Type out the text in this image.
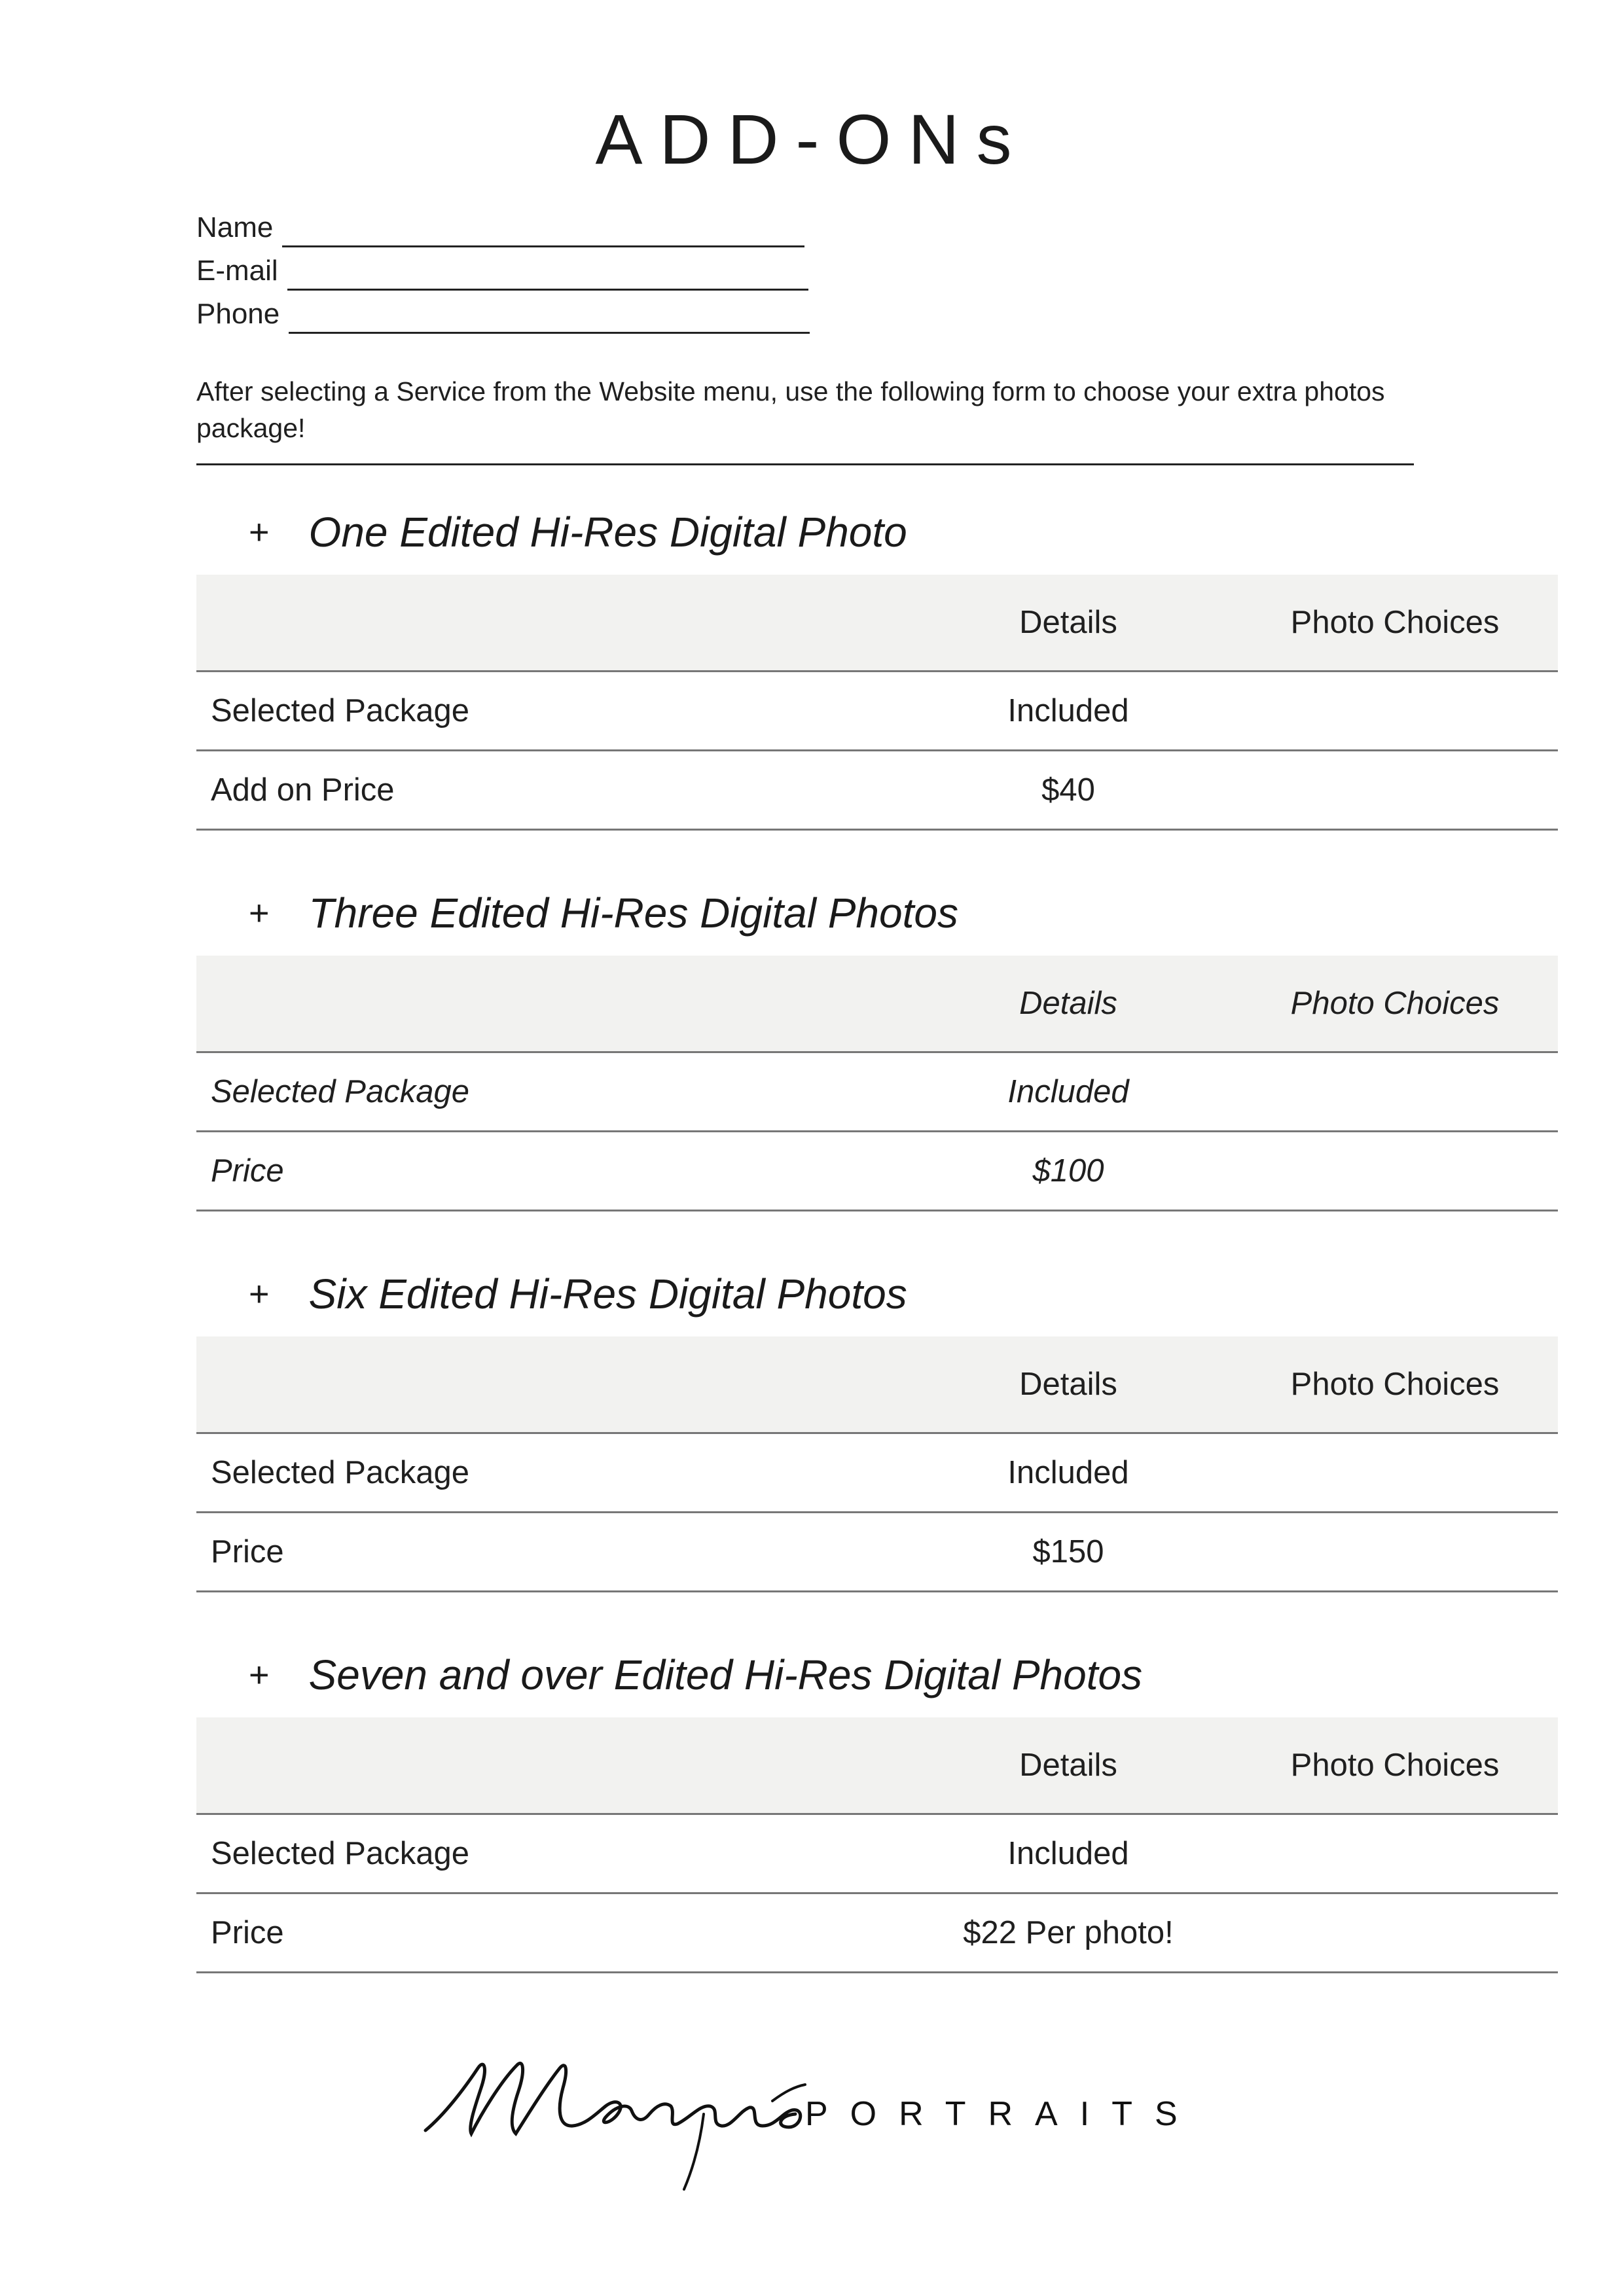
ADD-ONs
Name
E-mail
Phone
After selecting a Service from the Website menu, use the following form to choose your extra photos package!
+ One Edited Hi-Res Digital Photo
	Details	Photo Choices
Selected Package	Included	
Add on Price	$40	
+ Three Edited Hi-Res Digital Photos
	Details	Photo Choices
Selected Package	Included	
Price	$100	
+ Six Edited Hi-Res Digital Photos
	Details	Photo Choices
Selected Package	Included	
Price	$150	
+ Seven and over Edited Hi-Res Digital Photos
	Details	Photo Choices
Selected Package	Included	
Price	$22 Per photo!	
PORTRAITS
